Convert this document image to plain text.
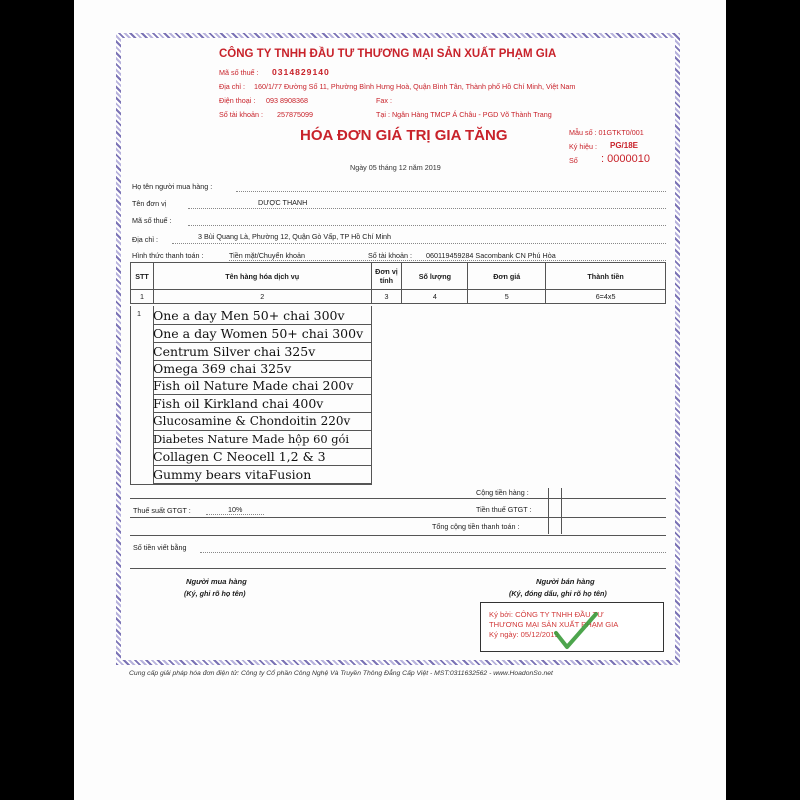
CÔNG TY TNHH ĐẦU TƯ THƯƠNG MẠI SẢN XUẤT PHẠM GIA
Mã số thuế : 0314829140
Địa chỉ : 160/1/77 Đường Số 11, Phường Bình Hưng Hoà, Quận Bình Tân, Thành phố Hồ Chí Minh, Việt Nam
Điện thoại : 093 8908368	Fax :
Số tài khoản : 257875099	Tại : Ngân Hàng TMCP Á Châu - PGD Võ Thành Trang
HÓA ĐƠN GIÁ TRỊ GIA TĂNG	Mẫu số : 01GTKT0/001
Ký hiệu : PG/18E
Số : 0000010
Ngày 05 tháng 12 năm 2019
Họ tên người mua hàng :
Tên đơn vị	DƯỢC THANH
Mã số thuế :
Địa chỉ :	3 Bùi Quang Là, Phường 12, Quận Gò Vấp, TP Hồ Chí Minh
Hình thức thanh toán :	Tiền mặt/Chuyển khoản	Số tài khoản : 060119459284 Sacombank CN Phú Hòa
STT	Tên hàng hóa dịch vụ	Đơn vị tính	Số lượng	Đơn giá	Thành tiền
1	2	3	4	5	6=4x5
1 One a day Men 50+ chai 300v
One a day Women 50+ chai 300v
Centrum Silver chai 325v
Omega 369 chai 325v
Fish oil Nature Made chai 200v
Fish oil Kirkland chai 400v
Glucosamine & Chondoitin 220v
Diabetes Nature Made hộp 60 gói
Collagen C Neocell 1,2 & 3
Gummy bears vitaFusion
Cộng tiền hàng :
Thuế suất GTGT :	10%	Tiền thuế GTGT :
Tổng cộng tiền thanh toán :
Số tiền viết bằng
Người mua hàng
(Ký, ghi rõ họ tên)
Người bán hàng
(Ký, đóng dấu, ghi rõ họ tên)
Ký bởi: CÔNG TY TNHH ĐẦU TƯ
THƯƠNG MẠI SẢN XUẤT PHẠM GIA
Ký ngày: 05/12/2019
Cung cấp giải pháp hóa đơn điện tử: Công ty Cổ phần Công Nghệ Và Truyền Thông Đẳng Cấp Việt - MST:0311632562 - www.HoadonSo.net
